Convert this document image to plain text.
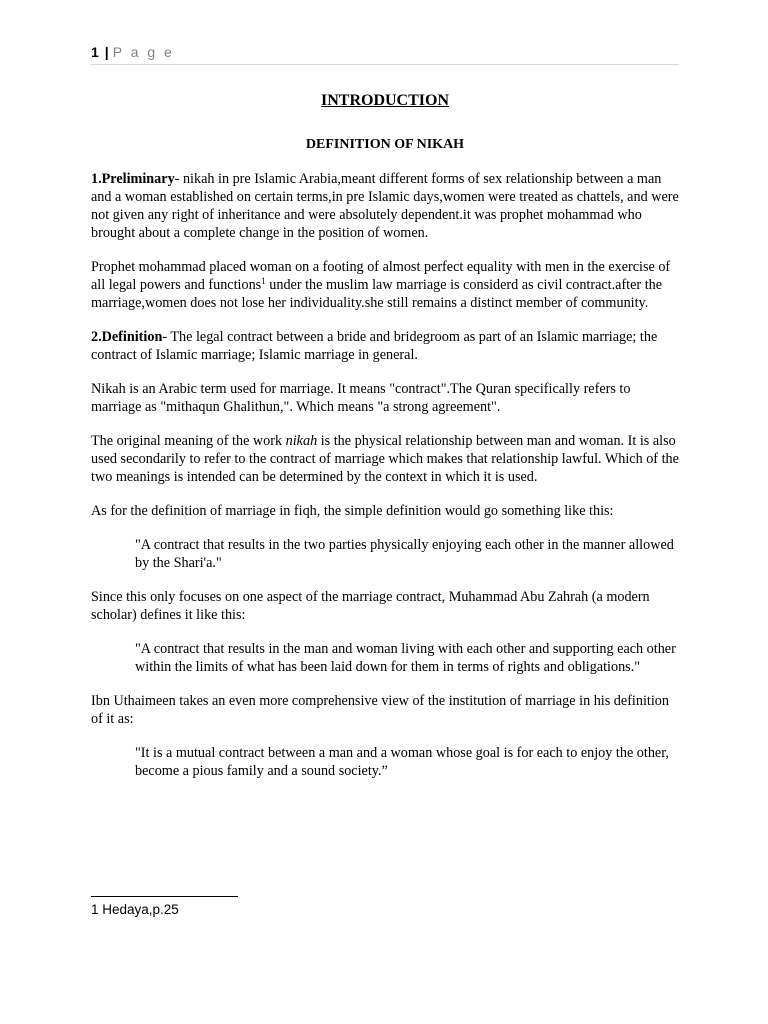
1 | P a g e
INTRODUCTION
DEFINITION OF NIKAH

1.Preliminary- nikah in pre Islamic Arabia,meant different forms of sex relationship between a man and a woman established on certain terms,in pre Islamic days,women were treated as chattels, and were not given any right of inheritance and were absolutely dependent.it was prophet mohammad who brought about a complete change in the position of women.

Prophet mohammad placed woman on a footing of almost perfect equality with men in the exercise of all legal powers and functions$^1$ under the muslim law marriage is considerd as civil contract.after the marriage,women does not lose her individuality.she still remains a distinct member of community.

2.Definition- The legal contract between a bride and bridegroom as part of an Islamic marriage; the contract of Islamic marriage; Islamic marriage in general.

Nikah is an Arabic term used for marriage. It means "contract".The Quran specifically refers to marriage as "mithaqun Ghalithun,". Which means "a strong agreement".

The original meaning of the work nikah is the physical relationship between man and woman. It is also used secondarily to refer to the contract of marriage which makes that relationship lawful. Which of the two meanings is intended can be determined by the context in which it is used.

As for the definition of marriage in fiqh, the simple definition would go something like this:

"A contract that results in the two parties physically enjoying each other in the manner allowed by the Shari'a."

Since this only focuses on one aspect of the marriage contract, Muhammad Abu Zahrah (a modern scholar) defines it like this:

"A contract that results in the man and woman living with each other and supporting each other within the limits of what has been laid down for them in terms of rights and obligations."

Ibn Uthaimeen takes an even more comprehensive view of the institution of marriage in his definition of it as:

"It is a mutual contract between a man and a woman whose goal is for each to enjoy the other, become a pious family and a sound society.”

1 Hedaya,p.25
